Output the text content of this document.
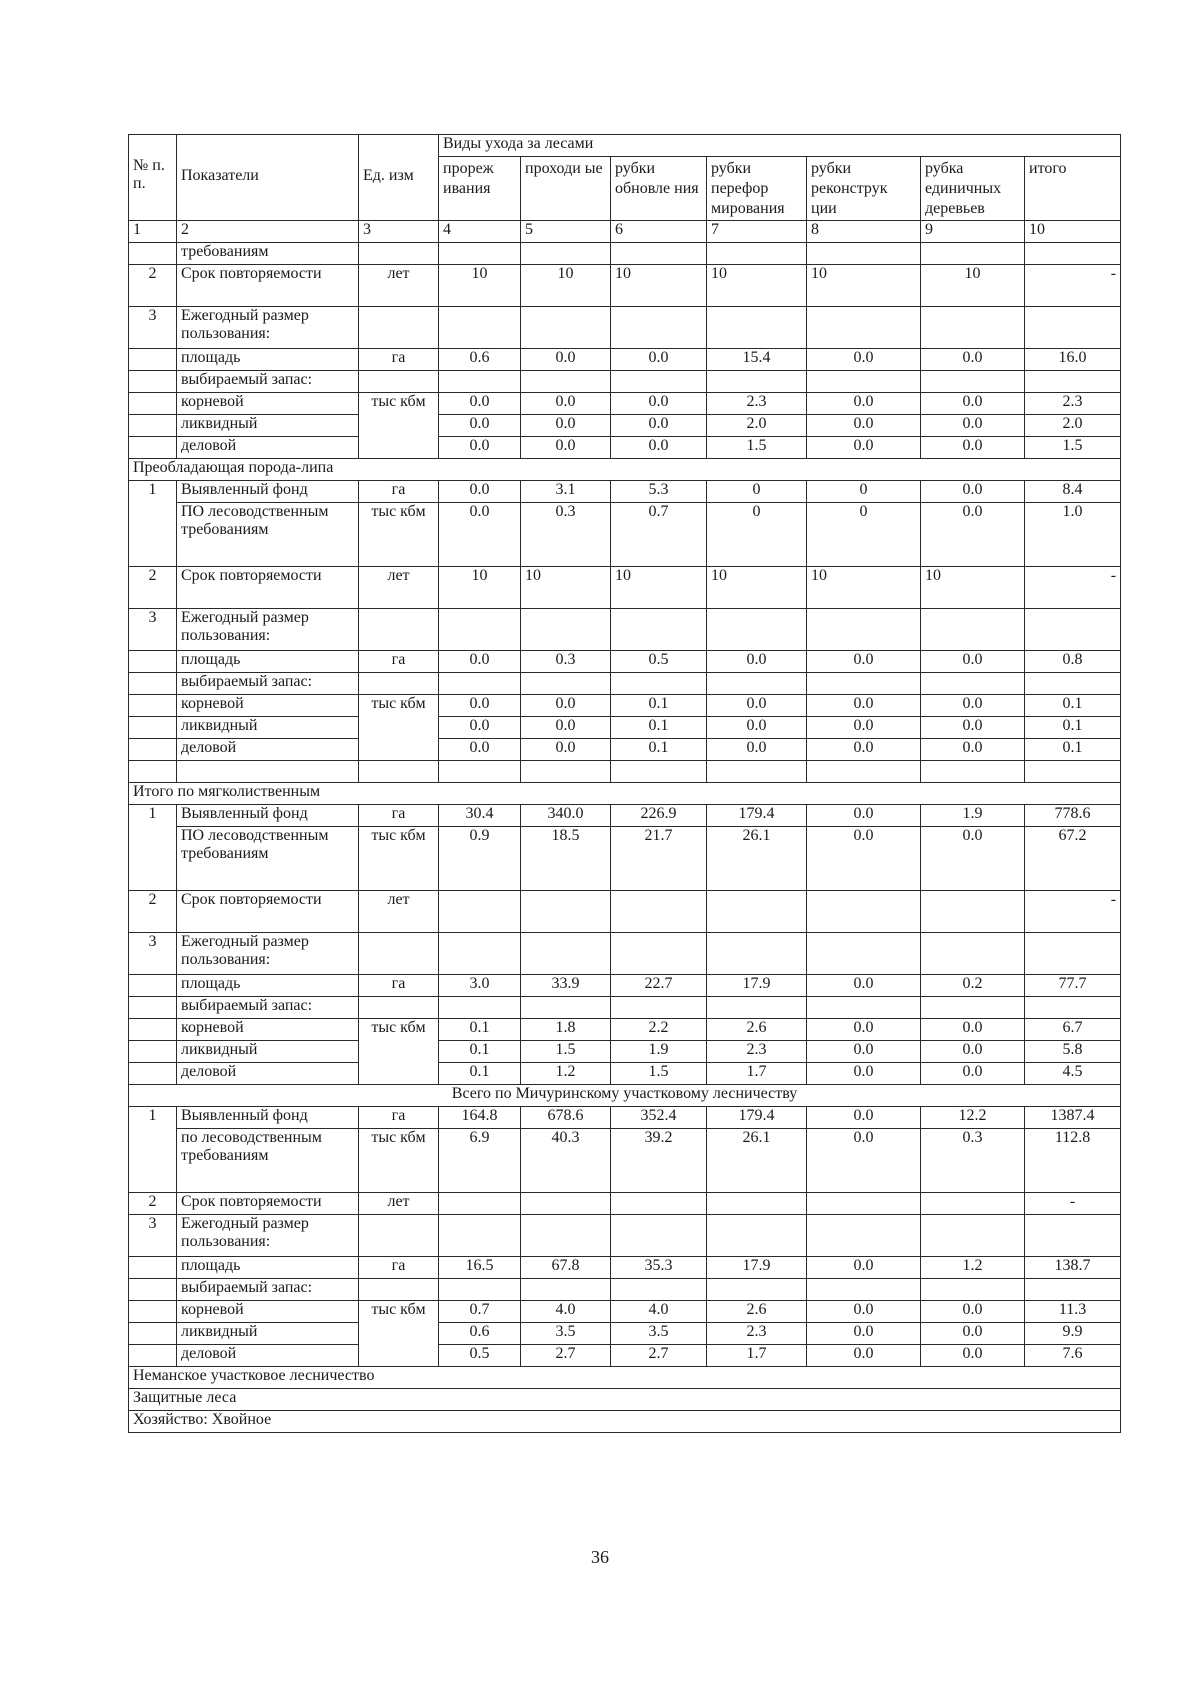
№ п. п.	Показатели	Ед. изм	Виды ухода за лесами						
			прореж ивания	проходи ые	рубки обновле ния	рубки перефор мирования	рубки реконструк ции	рубка единичных деревьев	итого
1	2	3	4	5	6	7	8	9	10
	требованиям								
2	Срок повторяемости	лет	10	10	10	10	10	10	-
3	Ежегодный размер пользования:								
	площадь	га	0.6	0.0	0.0	15.4	0.0	0.0	16.0
	выбираемый запас:								
	корневой	тыс кбм	0.0	0.0	0.0	2.3	0.0	0.0	2.3
	ликвидный		0.0	0.0	0.0	2.0	0.0	0.0	2.0
	деловой		0.0	0.0	0.0	1.5	0.0	0.0	1.5
Преобладающая порода-липа									
1	Выявленный фонд	га	0.0	3.1	5.3	0	0	0.0	8.4
	ПО лесоводственным требованиям	тыс кбм	0.0	0.3	0.7	0	0	0.0	1.0
2	Срок повторяемости	лет	10	10	10	10	10	10	-
3	Ежегодный размер пользования:								
	площадь	га	0.0	0.3	0.5	0.0	0.0	0.0	0.8
	выбираемый запас:								
	корневой	тыс кбм	0.0	0.0	0.1	0.0	0.0	0.0	0.1
	ликвидный		0.0	0.0	0.1	0.0	0.0	0.0	0.1
	деловой		0.0	0.0	0.1	0.0	0.0	0.0	0.1

Итого по мягколиственным									
1	Выявленный фонд	га	30.4	340.0	226.9	179.4	0.0	1.9	778.6
	ПО лесоводственным требованиям	тыс кбм	0.9	18.5	21.7	26.1	0.0	0.0	67.2
2	Срок повторяемости	лет							-
3	Ежегодный размер пользования:								
	площадь	га	3.0	33.9	22.7	17.9	0.0	0.2	77.7
	выбираемый запас:								
	корневой	тыс кбм	0.1	1.8	2.2	2.6	0.0	0.0	6.7
	ликвидный		0.1	1.5	1.9	2.3	0.0	0.0	5.8
	деловой		0.1	1.2	1.5	1.7	0.0	0.0	4.5
Всего по Мичуринскому участковому лесничеству									
1	Выявленный фонд	га	164.8	678.6	352.4	179.4	0.0	12.2	1387.4
	по лесоводственным требованиям	тыс кбм	6.9	40.3	39.2	26.1	0.0	0.3	112.8
2	Срок повторяемости	лет							-
3	Ежегодный размер пользования:								
	площадь	га	16.5	67.8	35.3	17.9	0.0	1.2	138.7
	выбираемый запас:								
	корневой	тыс кбм	0.7	4.0	4.0	2.6	0.0	0.0	11.3
	ликвидный		0.6	3.5	3.5	2.3	0.0	0.0	9.9
	деловой		0.5	2.7	2.7	1.7	0.0	0.0	7.6
Неманское участковое лесничество									
Защитные леса									
Хозяйство: Хвойное									
36
